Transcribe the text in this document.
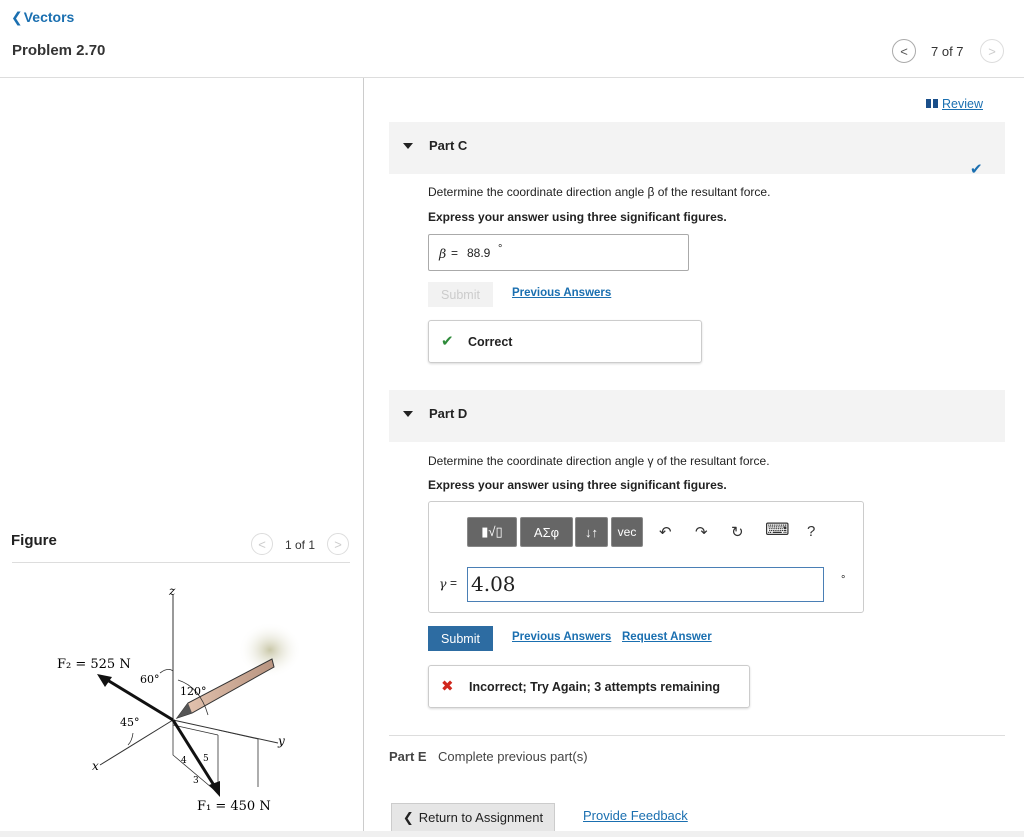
❮Vectors
Problem 2.70	< 7 of 7 >
Figure	< 1 of 1 >
z
x
y
F₂ = 525 N
F₁ = 450 N
60°
120°
45°
4 5
3
Review
Part C
✔
Determine the coordinate direction angle β of the resultant force.
Express your answer using three significant figures.
β = 88.9 °
Submit	Previous Answers
✔ Correct
Part D
Determine the coordinate direction angle γ of the resultant force.
Express your answer using three significant figures.
▮√▯	ΑΣφ	↓↑	vec	↶ ↷ ↻ ⌨ ?
γ = 4.08	°
Submit	Previous Answers Request Answer
✖ Incorrect; Try Again; 3 attempts remaining
Part E Complete previous part(s)
❮ Return to Assignment	Provide Feedback
